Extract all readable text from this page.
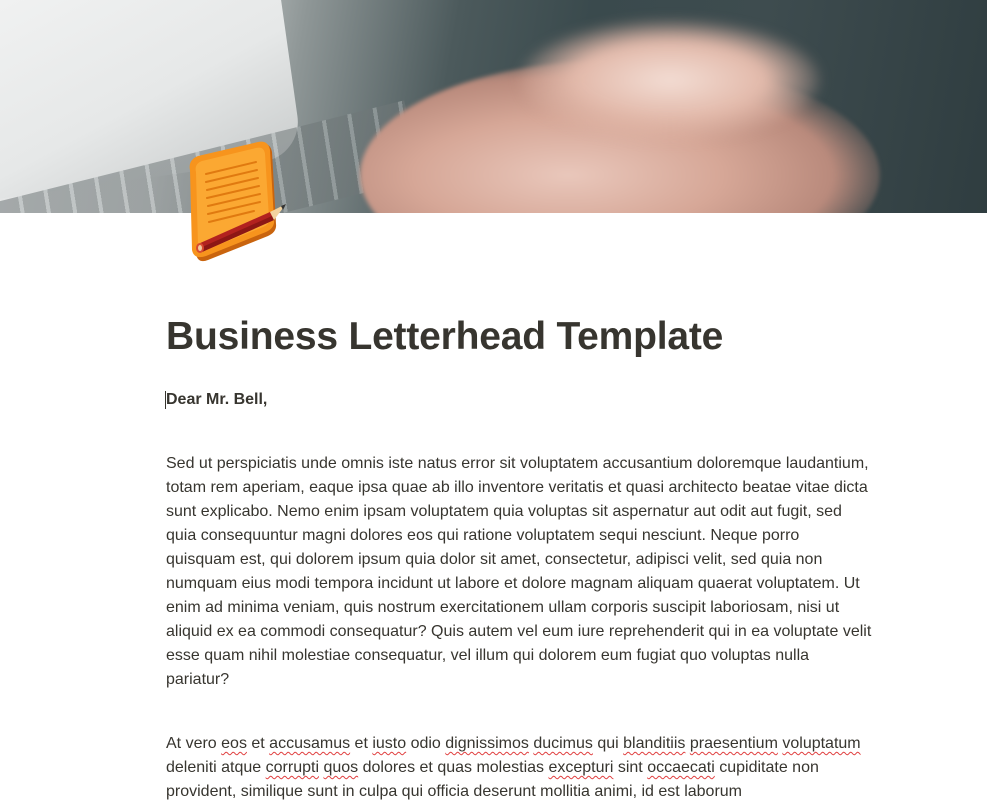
Business Letterhead Template
Dear Mr. Bell,
Sed ut perspiciatis unde omnis iste natus error sit voluptatem accusantium doloremque laudantium, totam rem aperiam, eaque ipsa quae ab illo inventore veritatis et quasi architecto beatae vitae dicta sunt explicabo. Nemo enim ipsam voluptatem quia voluptas sit aspernatur aut odit aut fugit, sed quia consequuntur magni dolores eos qui ratione voluptatem sequi nesciunt. Neque porro quisquam est, qui dolorem ipsum quia dolor sit amet, consectetur, adipisci velit, sed quia non numquam eius modi tempora incidunt ut labore et dolore magnam aliquam quaerat voluptatem. Ut enim ad minima veniam, quis nostrum exercitationem ullam corporis suscipit laboriosam, nisi ut aliquid ex ea commodi consequatur? Quis autem vel eum iure reprehenderit qui in ea voluptate velit esse quam nihil molestiae consequatur, vel illum qui dolorem eum fugiat quo voluptas nulla pariatur?
At vero eos et accusamus et iusto odio dignissimos ducimus qui blanditiis praesentium voluptatum deleniti atque corrupti quos dolores et quas molestias excepturi sint occaecati cupiditate non provident, similique sunt in culpa qui officia deserunt mollitia animi, id est laborum
